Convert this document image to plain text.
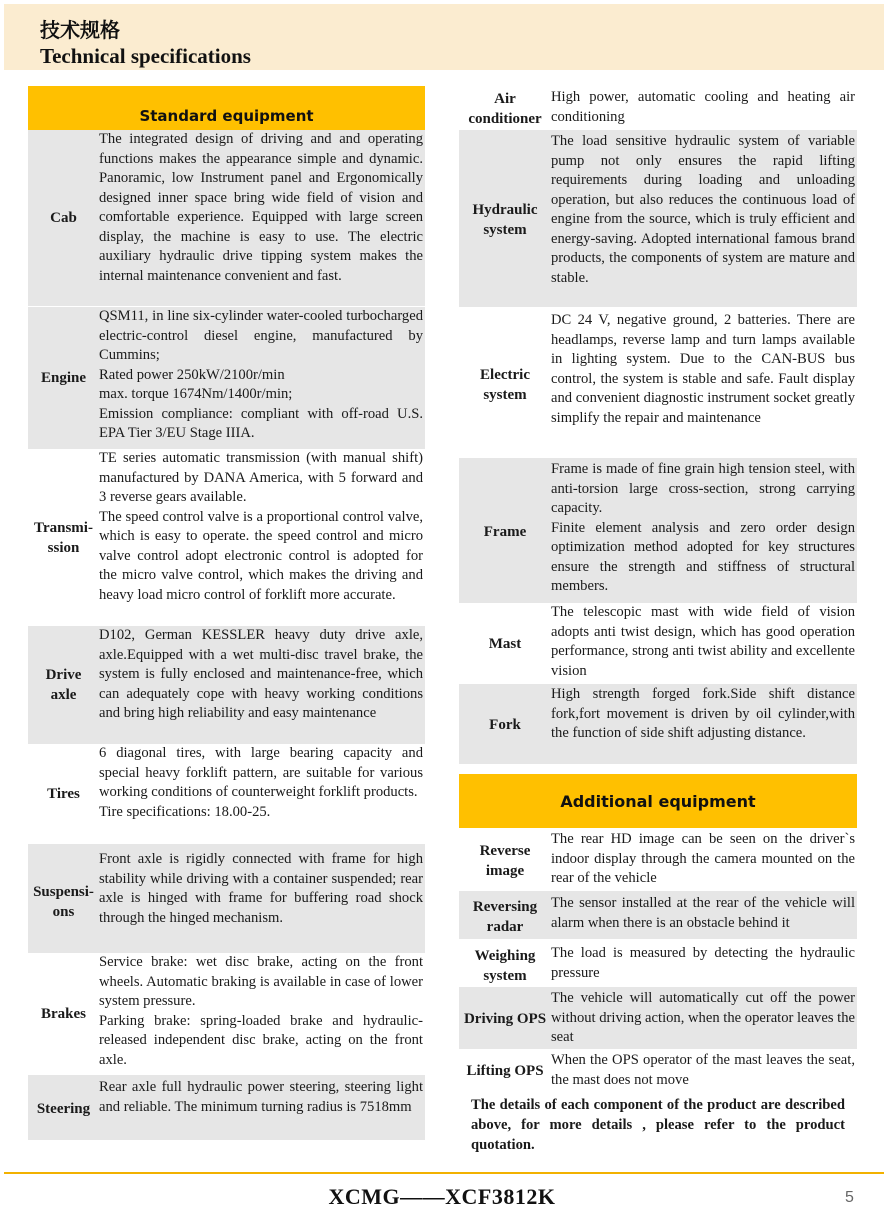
技术规格
Technical specifications
Standard equipment
Cab
The integrated design of driving and and operating functions makes the appearance simple and dynamic. Panoramic, low Instrument panel and Ergonomically designed inner space bring wide field of vision and comfortable experience. Equipped with large screen display, the machine is easy to use. The electric auxiliary hydraulic drive tipping system makes the internal maintenance convenient and fast.
Engine
QSM11, in line six-cylinder water-cooled turbocharged electric-control diesel engine, manufactured by Cummins;
Rated power 250kW/2100r/min
max. torque 1674Nm/1400r/min;
Emission compliance: compliant with off-road U.S. EPA Tier 3/EU Stage IIIA.
Transmi-
ssion
TE series automatic transmission (with manual shift) manufactured by DANA America, with 5 forward and 3 reverse gears available.
The speed control valve is a proportional control valve, which is easy to operate. the speed control and micro valve control adopt electronic control is adopted for the micro valve control, which makes the driving and heavy load micro control of forklift more accurate.
Drive
axle
D102, German KESSLER heavy duty drive axle, axle.Equipped with a wet multi-disc travel brake, the system is fully enclosed and maintenance-free, which can adequately cope with heavy working conditions and bring high reliability and easy maintenance
Tires
6 diagonal tires, with large bearing capacity and special heavy forklift pattern, are suitable for various working conditions of counterweight forklift products.
Tire specifications: 18.00-25.
Suspensi-
ons
Front axle is rigidly connected with frame for high stability while driving with a container suspended; rear axle is hinged with frame for buffering road shock through the hinged mechanism.
Brakes
Service brake: wet disc brake, acting on the front wheels. Automatic braking is available in case of lower system pressure.
Parking brake: spring-loaded brake and hydraulic-released independent disc brake, acting on the front axle.
Steering
Rear axle full hydraulic power steering, steering light and reliable. The minimum turning radius is 7518mm
Air
conditioner
High power, automatic cooling and heating air conditioning
Hydraulic
system
The load sensitive hydraulic system of variable pump not only ensures the rapid lifting requirements during loading and unloading operation, but also reduces the continuous load of engine from the source, which is truly efficient and energy-saving. Adopted international famous brand products, the components of system are mature and stable.
Electric
system
DC 24 V, negative ground, 2 batteries. There are headlamps, reverse lamp and turn lamps available in lighting system. Due to the CAN-BUS bus control, the system is stable and safe. Fault display and convenient diagnostic instrument socket greatly simplify the repair and maintenance
Frame
Frame is made of fine grain high tension steel, with anti-torsion large cross-section, strong carrying capacity.
Finite element analysis and zero order design optimization method adopted for key structures ensure the strength and stiffness of structural members.
Mast
The telescopic mast with wide field of vision adopts anti twist design, which has good operation performance, strong anti twist ability and excellente vision
Fork
High strength forged fork.Side shift distance fork,fort movement is driven by oil cylinder,with the function of side shift adjusting distance.
Additional equipment
Reverse
image
The rear HD image can be seen on the driver`s indoor display through the camera mounted on the rear of the vehicle
Reversing
radar
The sensor installed at the rear of the vehicle will alarm when there is an obstacle behind it
Weighing
system
The load is measured by detecting the hydraulic pressure
Driving OPS
The vehicle will automatically cut off the power without driving action, when the operator leaves the seat
Lifting OPS
When the OPS operator of the mast leaves the seat, the mast does not move
The details of each component of the product are described above, for more details , please refer to the product quotation.
XCMG——XCF3812K	5
